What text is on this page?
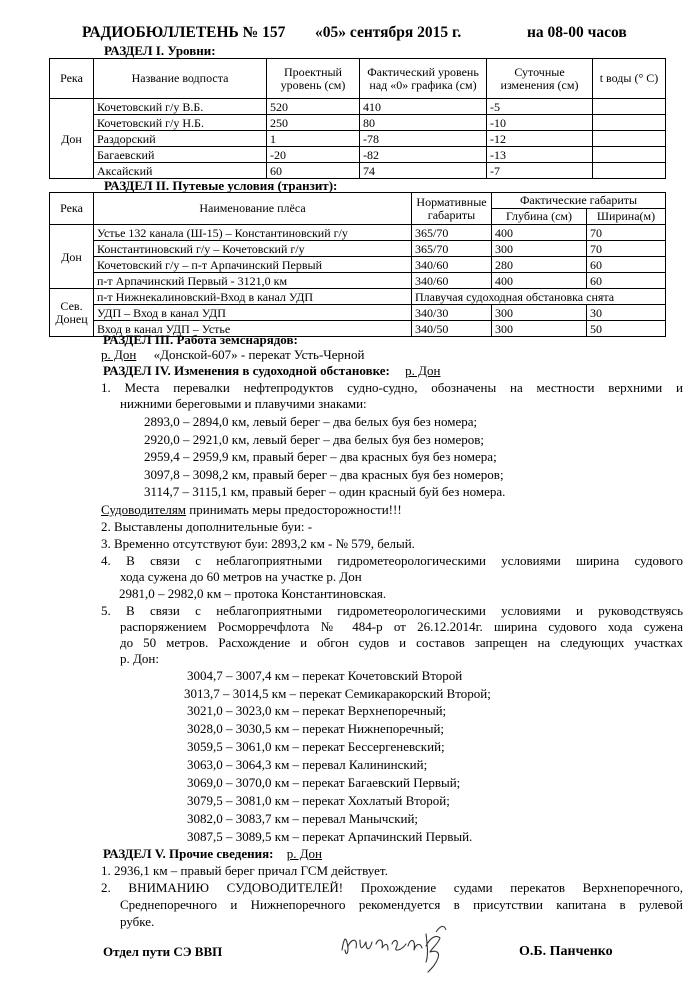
РАДИОБЮЛЛЕТЕНЬ № 157 «05» сентября 2015 г.	на 08-00 часов
РАЗДЕЛ I. Уровни:
Река	Название водпоста	Проектный уровень (см)	Фактический уровень над «0» графика (см)	Суточные изменения (см)	t воды (° C)
Дон	Кочетовский г/у В.Б.	520	410	-5	
	Кочетовский г/у Н.Б.	250	80	-10	
	Раздорский	1	-78	-12	
	Багаевский	-20	-82	-13	
	Аксайский	60	74	-7	
РАЗДЕЛ II. Путевые условия (транзит):
Река	Наименование плёса	Нормативные габариты	Фактические габариты	
			Глубина (см)	Ширина(м)
Дон	Устье 132 канала (Ш-15) – Константиновский г/у	365/70	400	70
	Константиновский г/у – Кочетовский г/у	365/70	300	70
	Кочетовский г/у – п-т Арпачинский Первый	340/60	280	60
	п-т Арпачинский Первый - 3121,0 км	340/60	400	60
Сев. Донец	п-т Нижнекалиновский-Вход в канал УДП	Плавучая судоходная обстановка снята		
	УДП – Вход в канал УДП	340/30	300	30
	Вход в канал УДП – Устье	340/50	300	50
РАЗДЕЛ III. Работа земснарядов:
р. Дон «Донской-607» - перекат Усть-Черной
РАЗДЕЛ IV. Изменения в судоходной обстановке: р. Дон
1. Места перевалки нефтепродуктов судно-судно, обозначены на местности верхними и
нижними береговыми и плавучими знаками:
2893,0 – 2894,0 км, левый берег – два белых буя без номера;
2920,0 – 2921,0 км, левый берег – два белых буя без номеров;
2959,4 – 2959,9 км, правый берег – два красных буя без номера;
3097,8 – 3098,2 км, правый берег – два красных буя без номеров;
3114,7 – 3115,1 км, правый берег – один красный буй без номера.
Судоводителям принимать меры предосторожности!!!
2. Выставлены дополнительные буи: -
3. Временно отсутствуют буи: 2893,2 км - № 579, белый.
4. В связи с неблагоприятными гидрометеорологическими условиями ширина судового
хода сужена до 60 метров на участке р. Дон
2981,0 – 2982,0 км – протока Константиновская.
5. В связи с неблагоприятными гидрометеорологическими условиями и руководствуясь
распоряжением Росморречфлота № 484-р от 26.12.2014г. ширина судового хода сужена
до 50 метров. Расхождение и обгон судов и составов запрещен на следующих участках
р. Дон:
3004,7 – 3007,4 км – перекат Кочетовский Второй
3013,7 – 3014,5 км – перекат Семикаракорский Второй;
3021,0 – 3023,0 км – перекат Верхнепоречный;
3028,0 – 3030,5 км – перекат Нижнепоречный;
3059,5 – 3061,0 км – перекат Бессергеневский;
3063,0 – 3064,3 км – перевал Калининский;
3069,0 – 3070,0 км – перекат Багаевский Первый;
3079,5 – 3081,0 км – перекат Хохлатый Второй;
3082,0 – 3083,7 км – перевал Манычский;
3087,5 – 3089,5 км – перекат Арпачинский Первый.
РАЗДЕЛ V. Прочие сведения: р. Дон
1. 2936,1 км – правый берег причал ГСМ действует.
2. ВНИМАНИЮ СУДОВОДИТЕЛЕЙ! Прохождение судами перекатов Верхнепоречного,
Среднепоречного и Нижнепоречного рекомендуется в присутствии капитана в рулевой
рубке.
Отдел пути СЭ ВВП	О.Б. Панченко
